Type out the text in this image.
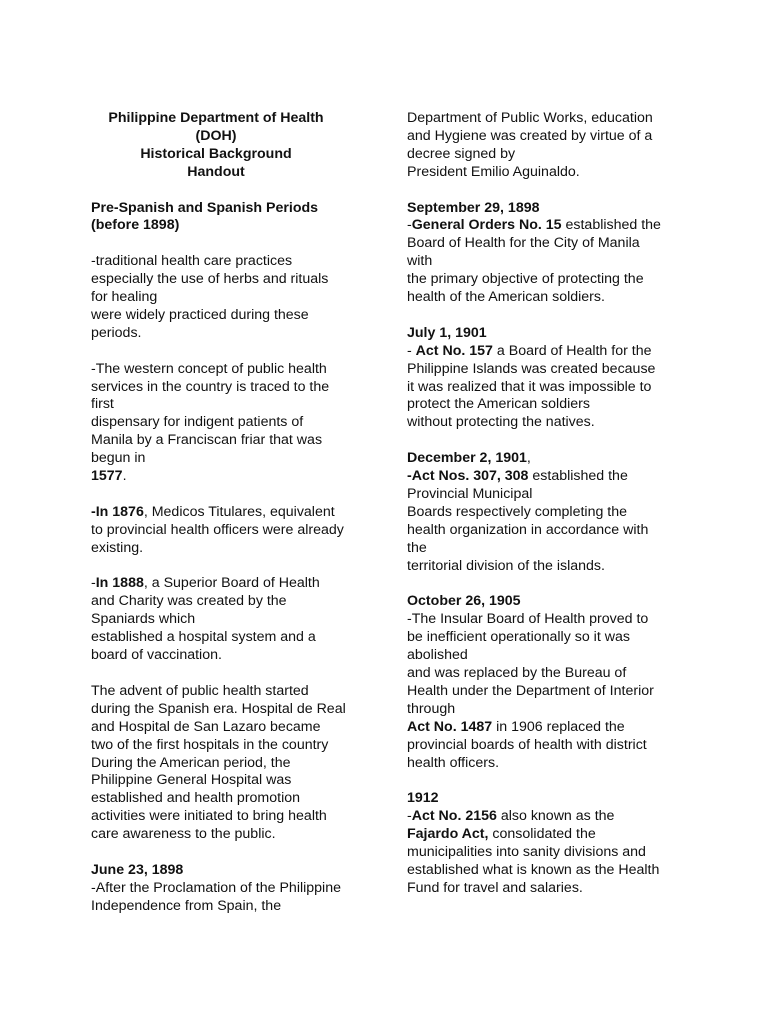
Philippine Department of Health
(DOH)
Historical Background
Handout
Pre-Spanish and Spanish Periods
(before 1898)
-traditional health care practices
especially the use of herbs and rituals
for healing
were widely practiced during these
periods.
-The western concept of public health
services in the country is traced to the
first
dispensary for indigent patients of
Manila by a Franciscan friar that was
begun in
1577.
-In 1876, Medicos Titulares, equivalent
to provincial health officers were already
existing.
-In 1888, a Superior Board of Health
and Charity was created by the
Spaniards which
established a hospital system and a
board of vaccination.
The advent of public health started
during the Spanish era. Hospital de Real
and Hospital de San Lazaro became
two of the first hospitals in the country
During the American period, the
Philippine General Hospital was
established and health promotion
activities were initiated to bring health
care awareness to the public.
June 23, 1898
-After the Proclamation of the Philippine
Independence from Spain, the
Department of Public Works, education
and Hygiene was created by virtue of a
decree signed by
President Emilio Aguinaldo.
September 29, 1898
-General Orders No. 15 established the
Board of Health for the City of Manila
with
the primary objective of protecting the
health of the American soldiers.
July 1, 1901
- Act No. 157 a Board of Health for the
Philippine Islands was created because
it was realized that it was impossible to
protect the American soldiers
without protecting the natives.
December 2, 1901,
-Act Nos. 307, 308 established the
Provincial Municipal
Boards respectively completing the
health organization in accordance with
the
territorial division of the islands.
October 26, 1905
-The Insular Board of Health proved to
be inefficient operationally so it was
abolished
and was replaced by the Bureau of
Health under the Department of Interior
through
Act No. 1487 in 1906 replaced the
provincial boards of health with district
health officers.
1912
-Act No. 2156 also known as the
Fajardo Act, consolidated the
municipalities into sanity divisions and
established what is known as the Health
Fund for travel and salaries.
